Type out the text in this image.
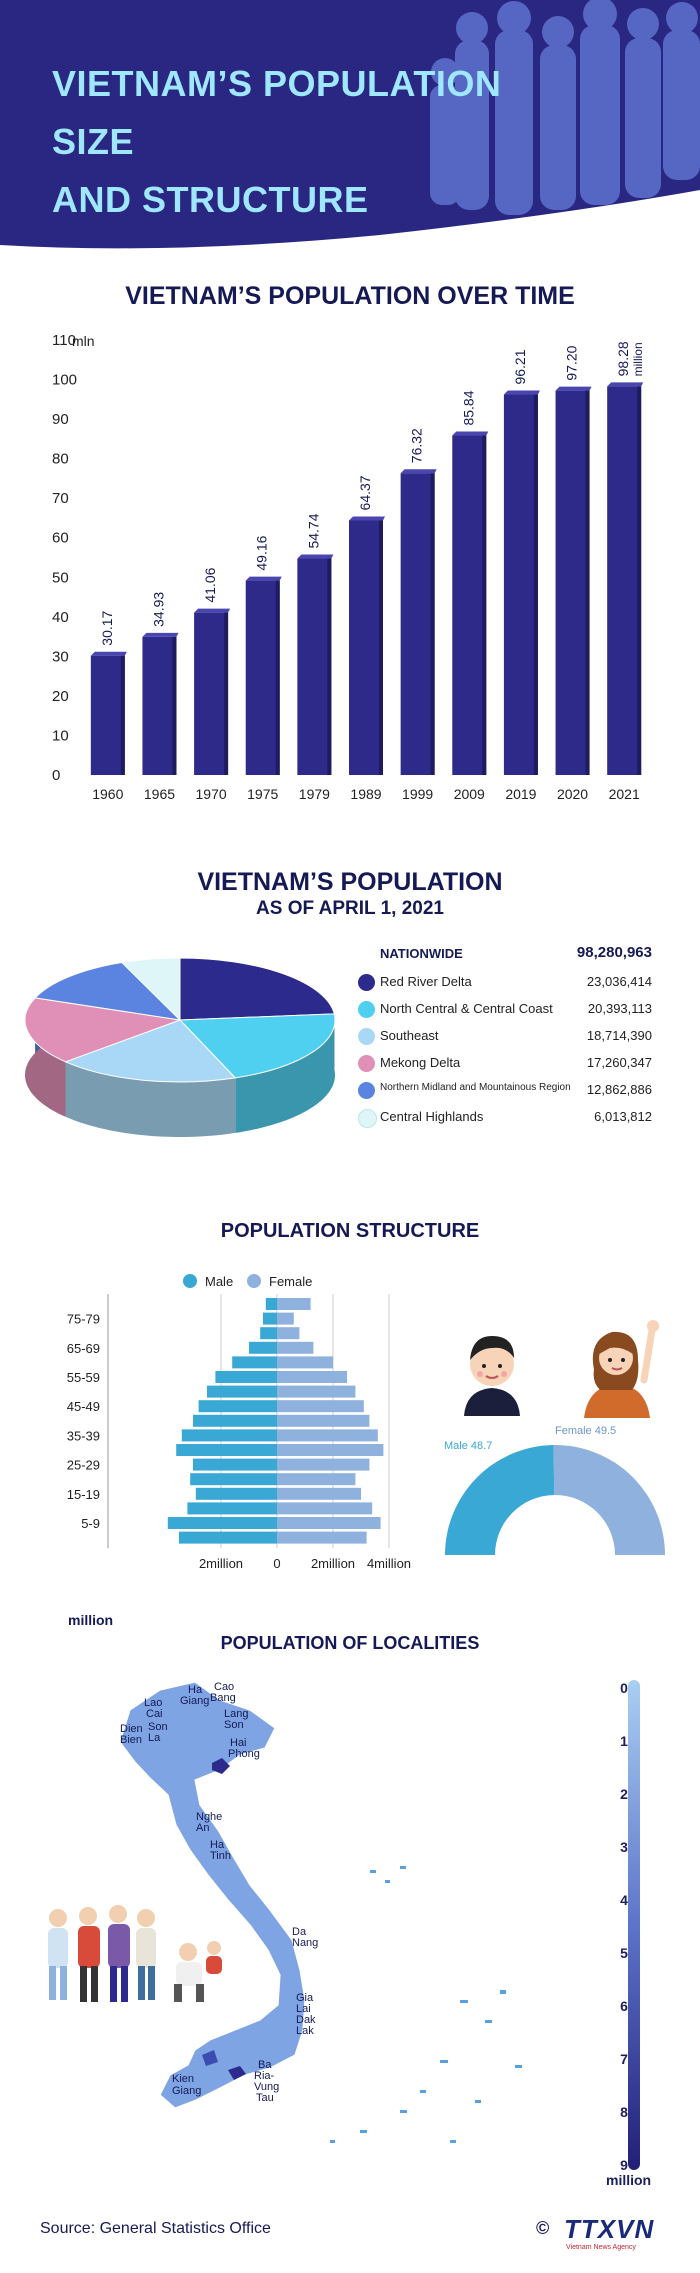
VIETNAM’S POPULATION SIZE
AND STRUCTURE
VIETNAM’S POPULATION OVER TIME
0
10
20
30
40
50
60
70
80
90
100
110
1960 1965 1970 1975 1979 1989 1999 2009 2019 2020 2021
30.17
34.93
41.06
49.16
54.74
64.37
76.32
85.84
96.21	97.20	98.28 million
mln
VIETNAM’S POPULATION
AS OF APRIL 1, 2021
NATIONWIDE	98,280,963
Red River Delta	23,036,414
North Central & Central Coast	20,393,113
Southeast	18,714,390
Mekong Delta	17,260,347
Northern Midland and Mountainous Region 12,862,886
Central Highlands	6,013,812
POPULATION STRUCTURE
Male	Female
75-79
65-69
55-59
45-49
35-39
25-29
15-19
5-9
2million 0 2million 4million
Male 48.7
Female 49.5
million
POPULATION OF LOCALITIES
Ha
Giang
Cao
Bang
Lao
Cai	Lang
Son
Dien
Bien
Son
La	Hai
Phong
Nghe
An
Ha
Tinh
Da
Nang
Gia
Lai
Dak
Lak
Ba
Ria-
Vung
Tau
Kien
Giang
0
1
2
3
4
5
6
7
8
9
million
Source: General Statistics Office	© TTXVN
Vietnam News Agency
